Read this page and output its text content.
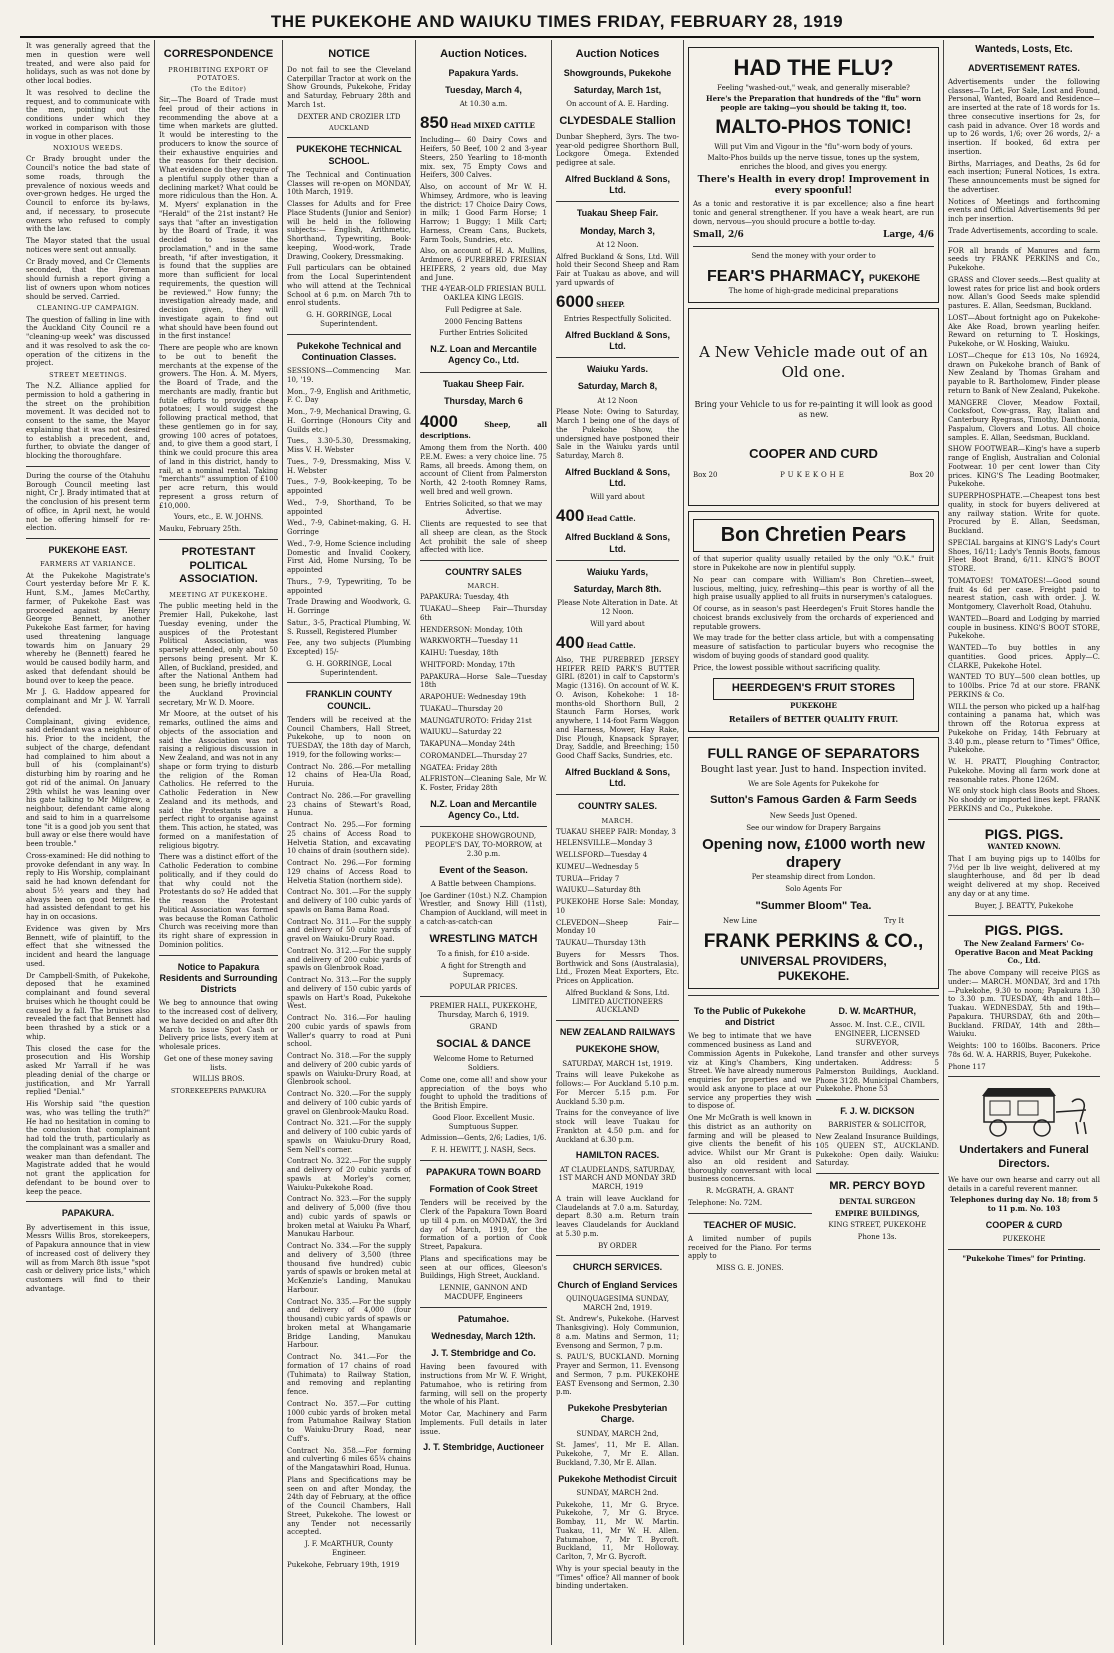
THE PUKEKOHE AND WAIUKU TIMES FRIDAY, FEBRUARY 28, 1919

It was generally agreed that the men in question were well treated, and were also paid for holidays, such as was not done by other local bodies.

It was resolved to decline the request, and to communicate with the men, pointing out the conditions under which they worked in comparison with those in vogue in other places.

NOXIOUS WEEDS.

Cr Brady brought under the Council's notice the bad state of some roads, through the prevalence of noxious weeds and over-grown hedges. He urged the Council to enforce its by-laws, and, if necessary, to prosecute owners who refused to comply with the law.

The Mayor stated that the usual notices were sent out annually.

Cr Brady moved, and Cr Clements seconded, that the Foreman should furnish a report giving a list of owners upon whom notices should be served. Carried.

CLEANING-UP CAMPAIGN.

The question of falling in line with the Auckland City Council re a "cleaning-up week" was discussed and it was resolved to ask the co-operation of the citizens in the project.

STREET MEETINGS.

The N.Z. Alliance applied for permission to hold a gathering in the street on the prohibition movement. It was decided not to consent to the same, the Mayor explaining that it was not desired to establish a precedent, and, further, to obviate the danger of blocking the thoroughfare.

During the course of the Otahuhu Borough Council meeting last night, Cr J. Brady intimated that at the conclusion of his present term of office, in April next, he would not be offering himself for re-election.

PUKEKOHE EAST.
FARMERS AT VARIANCE.

At the Pukekohe Magistrate's Court yesterday before Mr F. K. Hunt, S.M., James McCarthy, farmer, of Pukekohe East was proceeded against by Henry George Bennett, another Pukekohe East farmer, for having used threatening language towards him on January 29 whereby he (Bennett) feared he would be caused bodily harm, and asked that defendant should be bound over to keep the peace.

Mr J. G. Haddow appeared for complainant and Mr J. W. Yarrall defended.

Complainant, giving evidence, said defendant was a neighbour of his. Prior to the incident, the subject of the charge, defendant had complained to him about a bull of his (complainant's) disturbing him by roaring and he got rid of the animal. On January 29th whilst he was leaning over his gate talking to Mr Milgrew, a neighbour, defendant came along and said to him in a quarrelsome tone "it is a good job you sent that bull away or else there would have been trouble."

Cross-examined: He did nothing to provoke defendant in any way. In reply to His Worship, complainant said he had known defendant for about 5½ years and they had always been on good terms. He had assisted defendant to get his hay in on occasions.

Evidence was given by Mrs Bennett, wife of plaintiff, to the effect that she witnessed the incident and heard the language used.

Dr Campbell-Smith, of Pukekohe, deposed that he examined complainant and found several bruises which he thought could be caused by a fall. The bruises also revealed the fact that Bennett had been thrashed by a stick or a whip.

This closed the case for the prosecution and His Worship asked Mr Yarrall if he was pleading denial of the charge or justification, and Mr Yarrall replied "Denial."

His Worship said "the question was, who was telling the truth?" He had no hesitation in coming to the conclusion that complainant had told the truth, particularly as the complainant was a smaller and weaker man than defendant. The Magistrate added that he would not grant the application for defendant to be bound over to keep the peace.

PAPAKURA.

By advertisement in this issue, Messrs Willis Bros, storekeepers, of Papakura announce that in view of increased cost of delivery they will as from March 8th issue "spot cash or delivery price lists," which customers will find to their advantage.

CORRESPONDENCE
PROHIBITING EXPORT OF POTATOES.
(To the Editor)

Sir,—The Board of Trade must feel proud of their actions in recommending the above at a time when markets are glutted. It would be interesting to the producers to know the source of their exhaustive enquiries and the reasons for their decision. What evidence do they require of a plentiful supply other than a declining market? What could be more ridiculous than the Hon. A. M. Myers' explanation in the "Herald" of the 21st instant? He says that "after an investigation by the Board of Trade, it was decided to issue the proclamation," and in the same breath, "if after investigation, it is found that the supplies are more than sufficient for local requirements, the question will be reviewed." How funny; the investigation already made, and decision given, they will investigate again to find out what should have been found out in the first instance!

There are people who are known to be out to benefit the merchants at the expense of the growers. The Hon. A. M. Myers, the Board of Trade, and the merchants are madly, frantic but futile efforts to provide cheap potatoes; I would suggest the following practical method, that these gentlemen go in for say, growing 100 acres of potatoes, and, to give them a good start, I think we could procure this area of land in this district, handy to rail, at a nominal rental. Taking "merchants'" assumption of £100 per acre return, this would represent a gross return of £10,000.

Yours, etc., E. W. JOHNS.

Mauku, February 25th.

PROTESTANT POLITICAL ASSOCIATION.
MEETING AT PUKEKOHE.

The public meeting held in the Premier Hall, Pukekohe, last Tuesday evening, under the auspices of the Protestant Political Association, was sparsely attended, only about 50 persons being present. Mr K. Allen, of Buckland, presided, and after the National Anthem had been sung, he briefly introduced the Auckland Provincial secretary, Mr W. D. Moore.

Mr Moore, at the outset of his remarks, outlined the aims and objects of the association and said the Association was not raising a religious discussion in New Zealand, and was not in any shape or form trying to disturb the religion of the Roman Catholics. He referred to the Catholic Federation in New Zealand and its methods, and said the Protestants have a perfect right to organise against them. This action, he stated, was formed on a manifestation of religious bigotry.

There was a distinct effort of the Catholic Federation to combine politically, and if they could do that why could not the Protestants do so? He added that the reason the Protestant Political Association was formed was because the Roman Catholic Church was receiving more than its right share of expression in Dominion politics.

Notice to Papakura Residents and Surrounding Districts

We beg to announce that owing to the increased cost of delivery, we have decided on and after 8th March to issue Spot Cash or Delivery price lists, every item at wholesale prices.

Get one of these money saving lists.

WILLIS BROS.

STOREKEEPERS PAPAKURA

NOTICE

Do not fail to see the Cleveland Caterpillar Tractor at work on the Show Grounds, Pukekohe, Friday and Saturday, February 28th and March 1st.

DEXTER AND CROZIER LTD

AUCKLAND

PUKEKOHE TECHNICAL SCHOOL.

The Technical and Continuation Classes will re-open on MONDAY, 10th March, 1919.

Classes for Adults and for Free Place Students (Junior and Senior) will be held in the following subjects:— English, Arithmetic, Shorthand, Typewriting, Book-keeping, Wood-work, Trade Drawing, Cookery, Dressmaking.

Full particulars can be obtained from the Local Superintendent who will attend at the Technical School at 6 p.m. on March 7th to enrol students.

G. H. GORRINGE, Local Superintendent.

Pukekohe Technical and Continuation Classes.

SESSIONS—Commencing Mar. 10, '19.

Mon., 7-9, English and Arithmetic, F. C. Day

Mon., 7-9, Mechanical Drawing, G. H. Gorringe (Honours City and Guilds etc.)

Tues., 3.30-5.30, Dressmaking, Miss V. H. Webster

Tues., 7-9, Dressmaking, Miss V. H. Webster

Tues., 7-9, Book-keeping, To be appointed

Wed., 7-9, Shorthand, To be appointed

Wed., 7-9, Cabinet-making, G. H. Gorringe

Wed., 7-9, Home Science including Domestic and Invalid Cookery, First Aid, Home Nursing, To be appointed

Thurs., 7-9, Typewriting, To be appointed

Trade Drawing and Woodwork, G. H. Gorringe

Satur., 3-5, Practical Plumbing, W. S. Russell, Registered Plumber

Fee, any two subjects (Plumbing Excepted) 15/-

G. H. GORRINGE, Local Superintendent.

FRANKLIN COUNTY COUNCIL.

Tenders will be received at the Council Chambers, Hall Street, Pukekohe, up to noon on TUESDAY, the 18th day of March, 1919, for the following works:—

Contract No. 286.—For metalling 12 chains of Hea-Ula Road, Huruia.

Contract No. 286.—For gravelling 23 chains of Stewart's Road, Hunua.

Contract No. 295.—For forming 25 chains of Access Road to Helvetia Station, and excavating 10 chains of drain (southern side).

Contract No. 296.—For forming 129 chains of Access Road to Helvetia Station (northern side).

Contract No. 301.—For the supply and delivery of 100 cubic yards of spawls on Bama Bama Road.

Contract No. 311.—For the supply and delivery of 50 cubic yards of gravel on Waiuku-Drury Road.

Contract No. 312.—For the supply and delivery of 200 cubic yards of spawls on Glenbrook Road.

Contract No. 313.—For the supply and delivery of 150 cubic yards of spawls on Hart's Road, Pukekohe West.

Contract No. 316.—For hauling 200 cubic yards of spawls from Waller's quarry to road at Puni school.

Contract No. 318.—For the supply and delivery of 200 cubic yards of spawls on Waiuku-Drury Road, at Glenbrook school.

Contract No. 320.—For the supply and delivery of 100 cubic yards of gravel on Glenbrook-Mauku Road.

Contract No. 321.—For the supply and delivery of 100 cubic yards of spawls on Waiuku-Drury Road, Sem Nell's corner.

Contract No. 322.—For the supply and delivery of 20 cubic yards of spawls at Morley's corner, Waiuku-Pukekohe Road.

Contract No. 323.—For the supply and delivery of 5,000 (five thou and) cubic yards of spawls or broken metal at Waiuku Pa Wharf, Manukau Harbour.

Contract No. 334.—For the supply and delivery of 3,500 (three thousand five hundred) cubic yards of spawls or broken metal at McKenzie's Landing, Manukau Harbour.

Contract No. 335.—For the supply and delivery of 4,000 (four thousand) cubic yards of spawls or broken metal at Whangamarie Bridge Landing, Manukau Harbour.

Contract No. 341.—For the formation of 17 chains of road (Tuhimata) to Railway Station, and removing and replanting fence.

Contract No. 357.—For cutting 1000 cubic yards of broken metal from Patumahoe Railway Station to Waiuku-Drury Road, near Cuff's.

Contract No. 358.—For forming and culverting 6 miles 65¼ chains of the Mangatawhiri Road, Hunua.

Plans and Specifications may be seen on and after Monday, the 24th day of February, at the office of the Council Chambers, Hall Street, Pukekohe. The lowest or any Tender not necessarily accepted.

J. F. McARTHUR, County Engineer.

Pukekohe, February 19th, 1919

Auction Notices.
Papakura Yards.
Tuesday, March 4,

At 10.30 a.m.

850 Head MIXED CATTLE

Including— 60 Dairy Cows and Heifers, 50 Beef, 100 2 and 3-year Steers, 250 Yearling to 18-month mix. sex, 75 Empty Cows and Heifers, 300 Calves.

Also, on account of Mr W. H. Whimsey, Ardmore, who is leaving the district: 17 Choice Dairy Cows, in milk; 1 Good Farm Horse; 1 Harrow; 1 Buggy; 1 Milk Cart; Harness, Cream Cans, Buckets, Farm Tools, Sundries, etc.

Also, on account of H. A. Mullins, Ardmore, 6 PUREBRED FRIESIAN HEIFERS, 2 years old, due May and June.

THE 4-YEAR-OLD FRIESIAN BULL OAKLEA KING LEGIS.

Full Pedigree at Sale.

2000 Fencing Battens

Further Entries Solicited

N.Z. Loan and Mercantile Agency Co., Ltd.
Tuakau Sheep Fair.
Thursday, March 6

4000	Sheep, all descriptions.

Among them from the North. 400 P.E.M. Ewes: a very choice line. 75 Rams, all breeds. Among them, on account of Client from Palmerston North, 42 2-tooth Romney Rams, well bred and well grown.

Entries Solicited, so that we may Advertise.

Clients are requested to see that all sheep are clean, as the Stock Act prohibit the sale of sheep affected with lice.

COUNTRY SALES
MARCH.

PAPAKURA: Tuesday, 4th

TUAKAU—Sheep Fair—Thursday 6th

HENDERSON: Monday, 10th

WARKWORTH—Tuesday 11

KAIHU: Tuesday, 18th

WHITFORD: Monday, 17th

PAPAKURA—Horse Sale—Tuesday 18th

ARAPOHUE: Wednesday 19th

TUAKAU—Thursday 20

MAUNGATUROTO: Friday 21st

WAIUKU—Saturday 22

TAKAPUNA—Monday 24th

COROMANDEL—Thursday 27

NGATEA: Friday 28th

ALFRISTON—Cleaning Sale, Mr W. K. Foster, Friday 28th

N.Z. Loan and Mercantile Agency Co., Ltd.

PUKEKOHE SHOWGROUND, PEOPLE'S DAY, TO-MORROW, at 2.30 p.m.

Event of the Season.

A Battle between Champions.

Joe Gardiner (10st.) N.Z. Champion Wrestler, and Snowy Hill (11st), Champion of Auckland, will meet in a catch-as-catch-can

WRESTLING MATCH

To a finish, for £10 a-side.

A fight for Strength and Supremacy.

POPULAR PRICES.

PREMIER HALL, PUKEKOHE, Thursday, March 6, 1919.

GRAND

SOCIAL & DANCE

Welcome Home to Returned Soldiers.

Come one, come all! and show your appreciation of the boys who fought to uphold the traditions of the British Empire.

Good Floor. Excellent Music. Sumptuous Supper.

Admission—Gents, 2/6; Ladies, 1/6.

F. H. HEWITT, J. NASH, Secs.

PAPAKURA TOWN BOARD
Formation of Cook Street

Tenders will be received by the Clerk of the Papakura Town Board up till 4 p.m. on MONDAY, the 3rd day of March, 1919, for the formation of a portion of Cook Street, Papakura.

Plans and specifications may be seen at our offices, Gleeson's Buildings, High Street, Auckland.

LENNIE, GANNON AND MACDUFF, Engineers

Patumahoe.
Wednesday, March 12th.
J. T. Stembridge and Co.

Having been favoured with instructions from Mr W. F. Wright, Patumahoe, who is retiring from farming, will sell on the property the whole of his Plant.

Motor Car, Machinery and Farm Implements. Full details in later issue.

J. T. Stembridge, Auctioneer
Auction Notices
Showgrounds, Pukekohe
Saturday, March 1st,

On account of A. E. Harding.

CLYDESDALE Stallion

Dunbar Shepherd, 3yrs. The two-year-old pedigree Shorthorn Bull, Lockgore Omega. Extended pedigree at sale.

Alfred Buckland & Sons, Ltd.
Tuakau Sheep Fair.
Monday, March 3,

At 12 Noon.

Alfred Buckland & Sons, Ltd. Will hold their Second Sheep and Ram Fair at Tuakau as above, and will yard upwards of

6000 SHEEP.

Entries Respectfully Solicited.

Alfred Buckland & Sons, Ltd.
Waiuku Yards.
Saturday, March 8,

At 12 Noon

Please Note: Owing to Saturday, March 1 being one of the days of the Pukekohe Show, the undersigned have postponed their Sale in the Waiuku yards until Saturday, March 8.

Alfred Buckland & Sons, Ltd.

Will yard about

400 Head Cattle.

Alfred Buckland & Sons, Ltd.
Waiuku Yards,
Saturday, March 8th.

Please Note Alteration in Date. At 12 Noon.

Will yard about

400 Head Cattle.

Also, THE PUREBRED JERSEY HEIFER REID PARK'S BUTTER GIRL (8201) in calf to Capstorm's Magic (1316). On account of W. K. O. Avison, Kohekohe: 1 18-months-old Shorthorn Bull, 2 Staunch Farm Horses, work anywhere, 1 14-foot Farm Waggon and Harness, Mower, Hay Rake, Disc Plough, Knapsack Sprayer, Dray, Saddle, and Breeching; 150 Good Chaff Sacks, Sundries, etc.

Alfred Buckland & Sons, Ltd.
COUNTRY SALES.
MARCH.

TUAKAU SHEEP FAIR: Monday, 3

HELENSVILLE—Monday 3

WELLSFORD—Tuesday 4

KUMEU—Wednesday 5

TURUA—Friday 7

WAIUKU—Saturday 8th

PUKEKOHE Horse Sale: Monday, 10

CLEVEDON—Sheep Fair—Monday 10

TAUKAU—Thursday 13th

Buyers for Messrs Thos. Borthwick and Sons (Australasia), Ltd., Frozen Meat Exporters, Etc. Prices on Application.

Alfred Buckland & Sons, Ltd. LIMITED AUCTIONEERS AUCKLAND

NEW ZEALAND RAILWAYS
PUKEKOHE SHOW,

SATURDAY, MARCH 1st, 1919.

Trains will leave Pukekohe as follows:— For Auckland 5.10 p.m. For Mercer 5.15 p.m. For Auckland 5.30 p.m.

Trains for the conveyance of live stock will leave Tuakau for Frankton at 4.50 p.m. and for Auckland at 6.30 p.m.

HAMILTON RACES.

AT CLAUDELANDS, SATURDAY, 1ST MARCH AND MONDAY 3RD MARCH, 1919

A train will leave Auckland for Claudelands at 7.0 a.m. Saturday, depart 8.30 a.m. Return train leaves Claudelands for Auckland at 5.30 p.m.

BY ORDER

CHURCH SERVICES.
Church of England Services

QUINQUAGESIMA SUNDAY, MARCH 2nd, 1919.

St. Andrew's, Pukekohe. (Harvest Thanksgiving). Holy Communion, 8 a.m. Matins and Sermon, 11; Evensong and Sermon, 7 p.m.

S. PAUL'S, BUCKLAND. Morning Prayer and Sermon, 11. Evensong and Sermon, 7 p.m. PUKEKOHE EAST Evensong and Sermon, 2.30 p.m.

Pukekohe Presbyterian Charge.

SUNDAY, MARCH 2nd,

St. James', 11, Mr E. Allan. Pukekohe, 7, Mr E. Allan. Buckland, 7.30, Mr E. Allan.

Pukekohe Methodist Circuit

SUNDAY, MARCH 2nd.

Pukekohe, 11, Mr G. Bryce. Pukekohe, 7, Mr G. Bryce. Bombay, 11, Mr W. Martin. Tuakau, 11, Mr W. H. Allen. Patumahoe, 7, Mr T. Bycroft. Buckland, 11, Mr Holloway. Carlton, 7, Mr G. Bycroft.

Why is your special beauty in the "Times" office? All manner of book binding undertaken.

HAD THE FLU?

Feeling "washed-out," weak, and generally miserable?

Here's the Preparation that hundreds of the "flu" worn people are taking—you should be taking it, too.

MALTO-PHOS TONIC!

Will put Vim and Vigour in the "flu"-worn body of yours.

Malto-Phos builds up the nerve tissue, tones up the system, enriches the blood, and gives you energy.

There's Health in every drop! Improvement in every spoonful!

As a tonic and restorative it is par excellence; also a fine heart tonic and general strengthener. If you have a weak heart, are run down, nervous—you should procure a bottle to-day.

Small, 2/6	Large, 4/6

Send the money with your order to

FEAR'S PHARMACY, PUKEKOHE

The home of high-grade medicinal preparations

A New Vehicle made out of an Old one.

Bring your Vehicle to us for re-painting it will look as good as new.

COOPER AND CURD
Box 20	PUKEKOHE	Box 20
Bon Chretien Pears

of that superior quality usually retailed by the only "O.K." fruit store in Pukekohe are now in plentiful supply.

No pear can compare with William's Bon Chretien—sweet, luscious, melting, juicy, refreshing—this pear is worthy of all the high praise usually applied to all fruits in nurserymen's catalogues.

Of course, as in season's past Heerdegen's Fruit Stores handle the choicest brands exclusively from the orchards of experienced and reputable growers.

We may trade for the better class article, but with a compensating measure of satisfaction to particular buyers who recognise the wisdom of buying goods of standard good quality.

Price, the lowest possible without sacrificing quality.

HEERDEGEN'S FRUIT STORES

PUKEKOHE

Retailers of BETTER QUALITY FRUIT.

FULL RANGE OF SEPARATORS

Bought last year. Just to hand. Inspection invited.

We are Sole Agents for Pukekohe for

Sutton's Famous Garden & Farm Seeds

New Seeds Just Opened.

See our window for Drapery Bargains

Opening now, £1000 worth new drapery

Per steamship direct from London.

Solo Agents For

"Summer Bloom" Tea.
New Line	Try It
FRANK PERKINS & CO.,
UNIVERSAL PROVIDERS,
PUKEKOHE.
To the Public of Pukekohe and District

We beg to intimate that we have commenced business as Land and Commission Agents in Pukekohe, viz at King's Chambers, King Street. We have already numerous enquiries for properties and we would ask anyone to place at our service any properties they wish to dispose of.

One Mr McGrath is well known in this district as an authority on farming and will be pleased to give clients the benefit of his advice. Whilst our Mr Grant is also an old resident and thoroughly conversant with local business concerns.

R. McGRATH, A. GRANT

Telephone: No. 72M.

TEACHER OF MUSIC.

A limited number of pupils received for the Piano. For terms apply to

MISS G. E. JONES.

D. W. McARTHUR,

Assoc. M. Inst. C.E., CIVIL ENGINEER, LICENSED SURVEYOR,

Land transfer and other surveys undertaken. Address: 5 Palmerston Buildings, Auckland. Phone 3128. Municipal Chambers, Pukekohe. Phone 53

F. J. W. DICKSON

BARRISTER & SOLICITOR,

New Zealand Insurance Buildings, 105 QUEEN ST., AUCKLAND. Pukekohe: Open daily. Waiuku: Saturday.

MR. PERCY BOYD

DENTAL SURGEON

EMPIRE BUILDINGS,

KING STREET, PUKEKOHE

Phone 13s.

Wanteds, Losts, Etc.
ADVERTISEMENT RATES.

Advertisements under the following classes—To Let, For Sale, Lost and Found, Personal, Wanted, Board and Residence—are inserted at the rate of 18 words for 1s. three consecutive insertions for 2s, for cash paid in advance. Over 18 words and up to 26 words, 1/6; over 26 words, 2/- a insertion. If booked, 6d extra per insertion.

Births, Marriages, and Deaths, 2s 6d for each insertion; Funeral Notices, 1s extra. These announcements must be signed for the advertiser.

Notices of Meetings and forthcoming events and Official Advertisements 9d per inch per insertion.

Trade Advertisements, according to scale.

FOR all brands of Manures and farm seeds try FRANK PERKINS and Co., Pukekohe.

GRASS and Clover seeds.—Best quality at lowest rates for price list and book orders now. Allan's Good Seeds make splendid pastures. E. Allan, Seedsman, Buckland.

LOST—About fortnight ago on Pukekohe-Ake Ake Road, brown yearling heifer. Reward on returning to T. Hoskings, Pukekohe, or W. Hosking, Waiuku.

LOST—Cheque for £13 10s, No 16924, drawn on Pukekohe branch of Bank of New Zealand by Thomas Graham and payable to R. Bartholomew, Finder please return to Bank of New Zealand, Pukekohe.

MANGERE Clover, Meadow Foxtail, Cocksfoot, Cow-grass, Ray, Italian and Canterbury Ryegrass, Timothy, Danthonia, Paspalum, Clovers and Lotus. All choice samples. E. Allan, Seedsman, Buckland.

SHOW FOOTWEAR—King's have a superb range of English, Australian and Colonial Footwear. 10 per cent lower than City prices. KING'S The Leading Bootmaker, Pukekohe.

SUPERPHOSPHATE.—Cheapest tons best quality, in stock for buyers delivered at any railway station. Write for quote. Procured by E. Allan, Seedsman, Buckland.

SPECIAL bargains at KING'S Lady's Court Shoes, 16/11; Lady's Tennis Boots, famous Fleet Boot Brand, 6/11. KING'S BOOT STORE.

TOMATOES! TOMATOES!—Good sound fruit 4s 6d per case. Freight paid to nearest station, cash with order. J. W. Montgomery, Claverholt Road, Otahuhu.

WANTED—Board and Lodging by married couple in business. KING'S BOOT STORE, Pukekohe.

WANTED—To buy bottles in any quantities. Good prices. Apply—C. CLARKE, Pukekohe Hotel.

WANTED TO BUY—500 clean bottles, up to 100lbs. Price 7d at our store. FRANK PERKINS & Co.

WILL the person who picked up a half-hag containing a panama hat, which was thrown off the Rotorua express at Pukekohe on Friday, 14th February at 3.40 p.m., please return to "Times" Office, Pukekohe.

W. H. PRATT, Ploughing Contractor, Pukekohe. Moving all farm work done at reasonable rates. Phone 126M.

WE only stock high class Boots and Shoes. No shoddy or imported lines kept. FRANK PERKINS and Co., Pukekohe.

PIGS. PIGS.

WANTED KNOWN.

That I am buying pigs up to 140lbs for 7½d per lb live weight, delivered at my slaughterhouse, and 8d per lb dead weight delivered at my shop. Received any day or at any time.

Buyer, J. BEATTY, Pukekohe

PIGS. PIGS.

The New Zealand Farmers' Co-Operative Bacon and Meat Packing Co., Ltd.

The above Company will receive PIGS as under:— MARCH. MONDAY, 3rd and 17th—Pukekohe, 9.30 to noon; Papakura 1.30 to 3.30 p.m. TUESDAY, 4th and 18th—Tuakau. WEDNESDAY, 5th and 19th—Papakura. THURSDAY, 6th and 20th—Buckland. FRIDAY, 14th and 28th—Waiuku.

Weights: 100 to 160lbs. Baconers. Price 78s 6d. W. A. HARRIS, Buyer, Pukekohe.

Phone 117

Undertakers and Funeral Directors.

We have our own hearse and carry out all details in a careful reverent manner.

Telephones during day No. 18; from 5 to 11 p.m. No. 103

COOPER & CURD

PUKEKOHE

"Pukekohe Times" for Printing.
